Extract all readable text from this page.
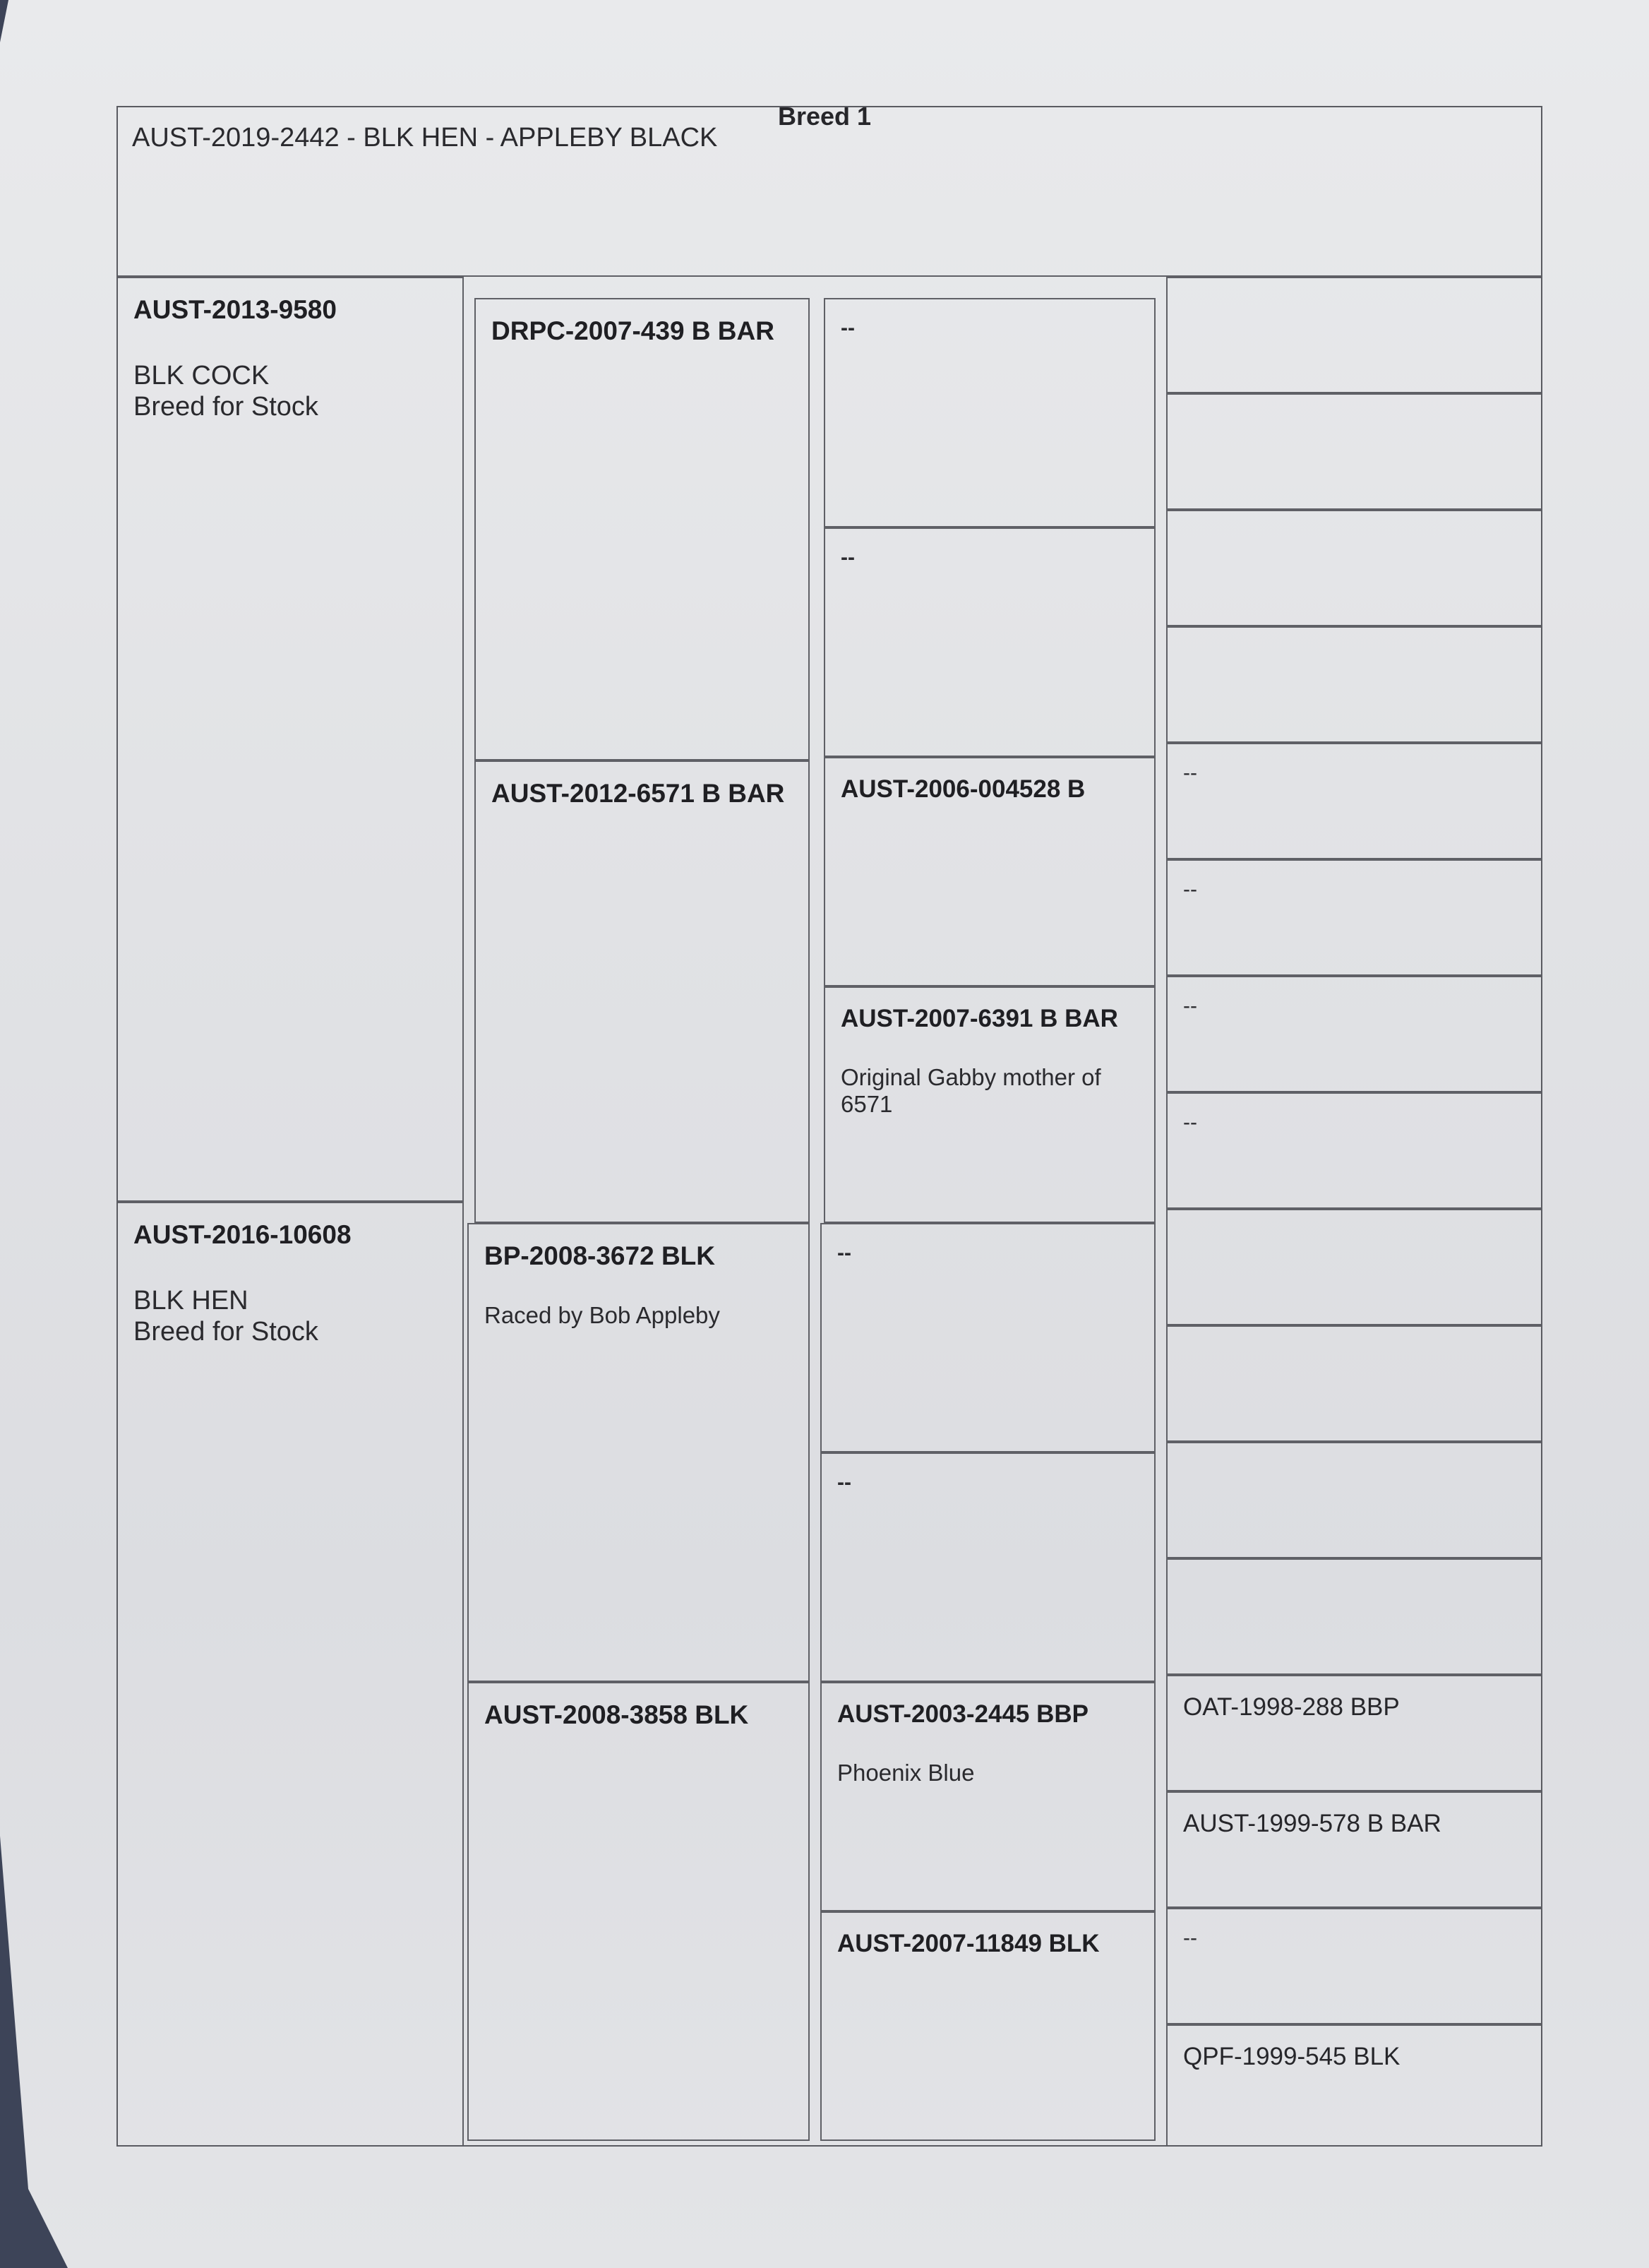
Breed 1
AUST-2019-2442 - BLK HEN - APPLEBY BLACK
AUST-2013-9580
BLK COCK
Breed for Stock
AUST-2016-10608
BLK HEN
Breed for Stock
DRPC-2007-439 B BAR
AUST-2012-6571 B BAR
BP-2008-3672 BLK
Raced by Bob Appleby
AUST-2008-3858 BLK
--
--
AUST-2006-004528 B
AUST-2007-6391 B BAR
Original Gabby mother of 6571
--
--
AUST-2003-2445 BBP
Phoenix Blue
AUST-2007-11849 BLK
--
--
--
--
OAT-1998-288 BBP
AUST-1999-578 B BAR
--
QPF-1999-545 BLK
